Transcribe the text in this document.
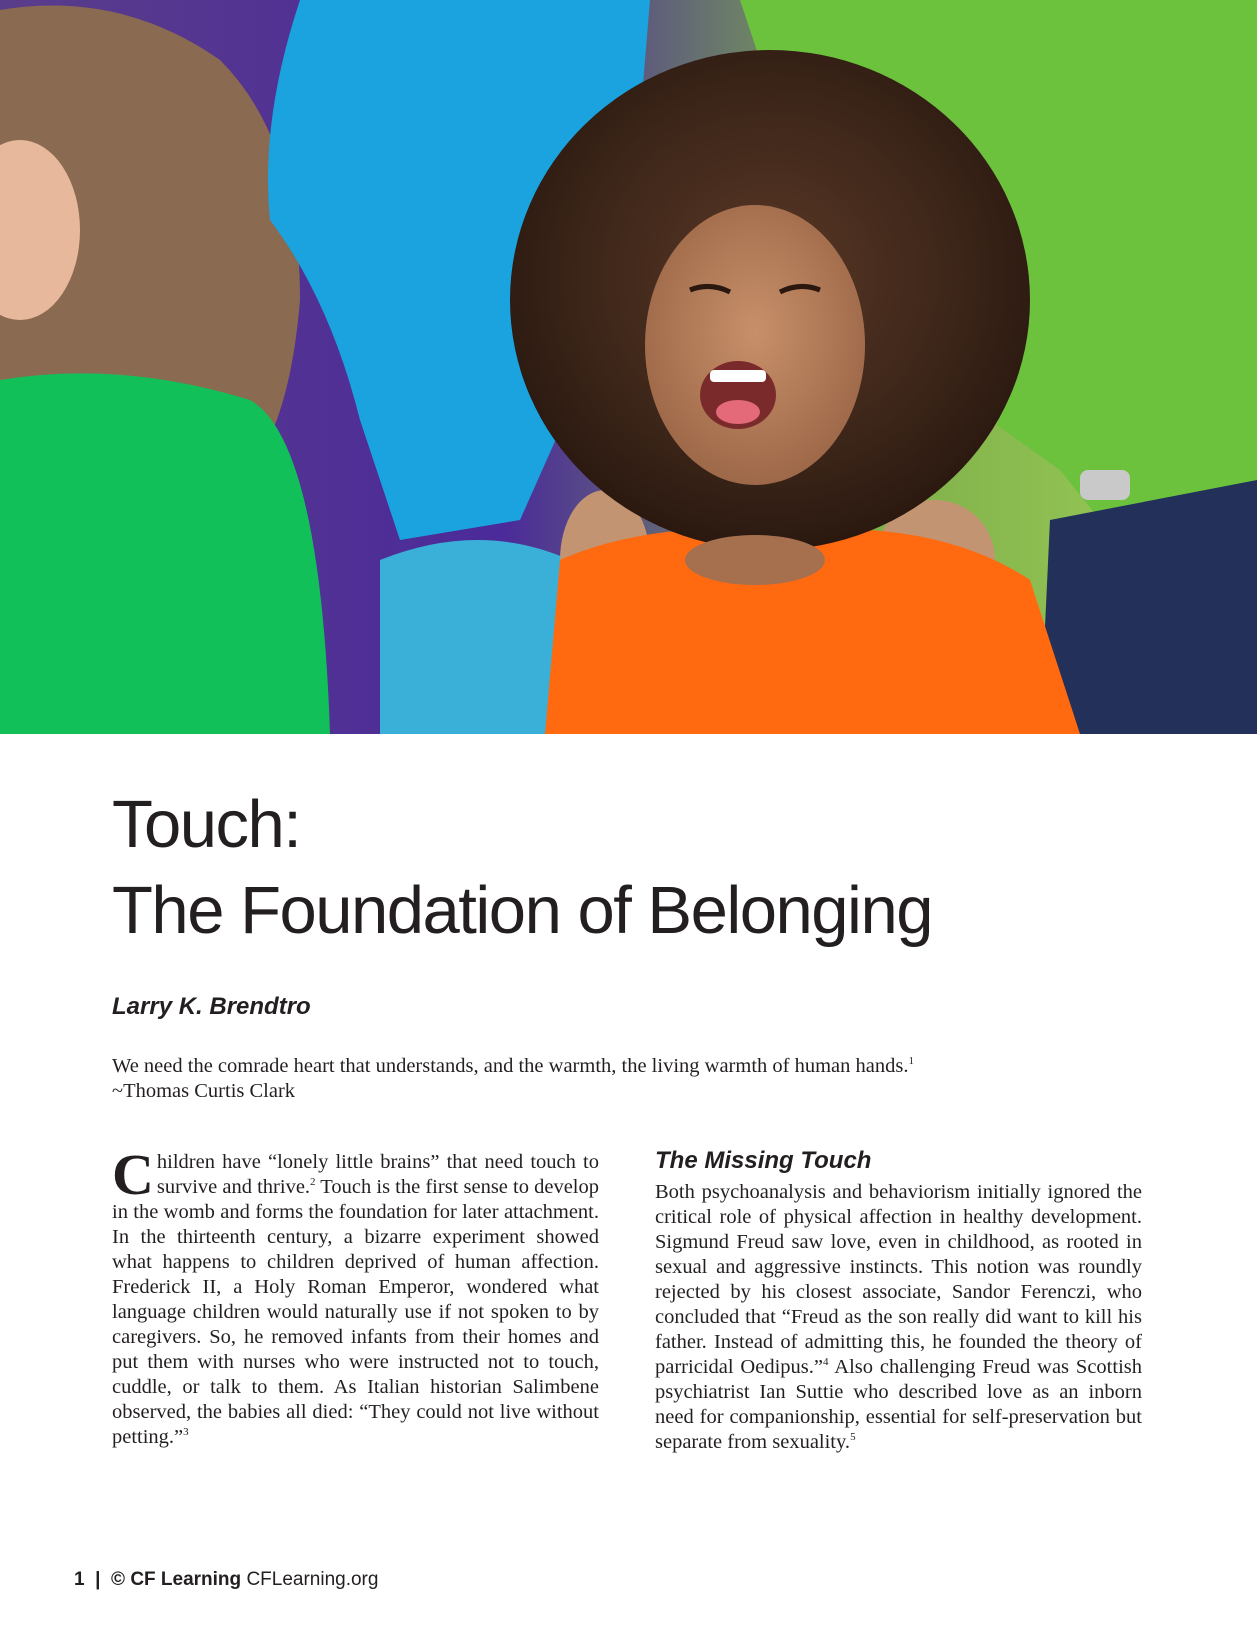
Touch:
The Foundation of Belonging

Larry K. Brendtro

We need the comrade heart that understands, and the warmth, the living warmth of human hands.$^1$
~Thomas Curtis Clark

Children have “lonely little brains” that need touch to survive and thrive.$^2$ Touch is the first sense to develop in the womb and forms the foundation for later attachment. In the thirteenth century, a bizarre experiment showed what happens to children deprived of human affection. Frederick II, a Holy Roman Emperor, wondered what language children would naturally use if not spoken to by caregivers. So, he removed infants from their homes and put them with nurses who were instructed not to touch, cuddle, or talk to them. As Italian historian Salimbene observed, the babies all died: “They could not live without petting.”$^3$

The Missing Touch

Both psychoanalysis and behaviorism initially ignored the critical role of physical affection in healthy development. Sigmund Freud saw love, even in childhood, as rooted in sexual and aggressive instincts. This notion was roundly rejected by his closest associate, Sandor Ferenczi, who concluded that “Freud as the son really did want to kill his father. Instead of admitting this, he founded the theory of parricidal Oedipus.”$^4$ Also challenging Freud was Scottish psychiatrist Ian Suttie who described love as an inborn need for companionship, essential for self-preservation but separate from sexuality.$^5$

1 | © CF Learning CFLearning.org
